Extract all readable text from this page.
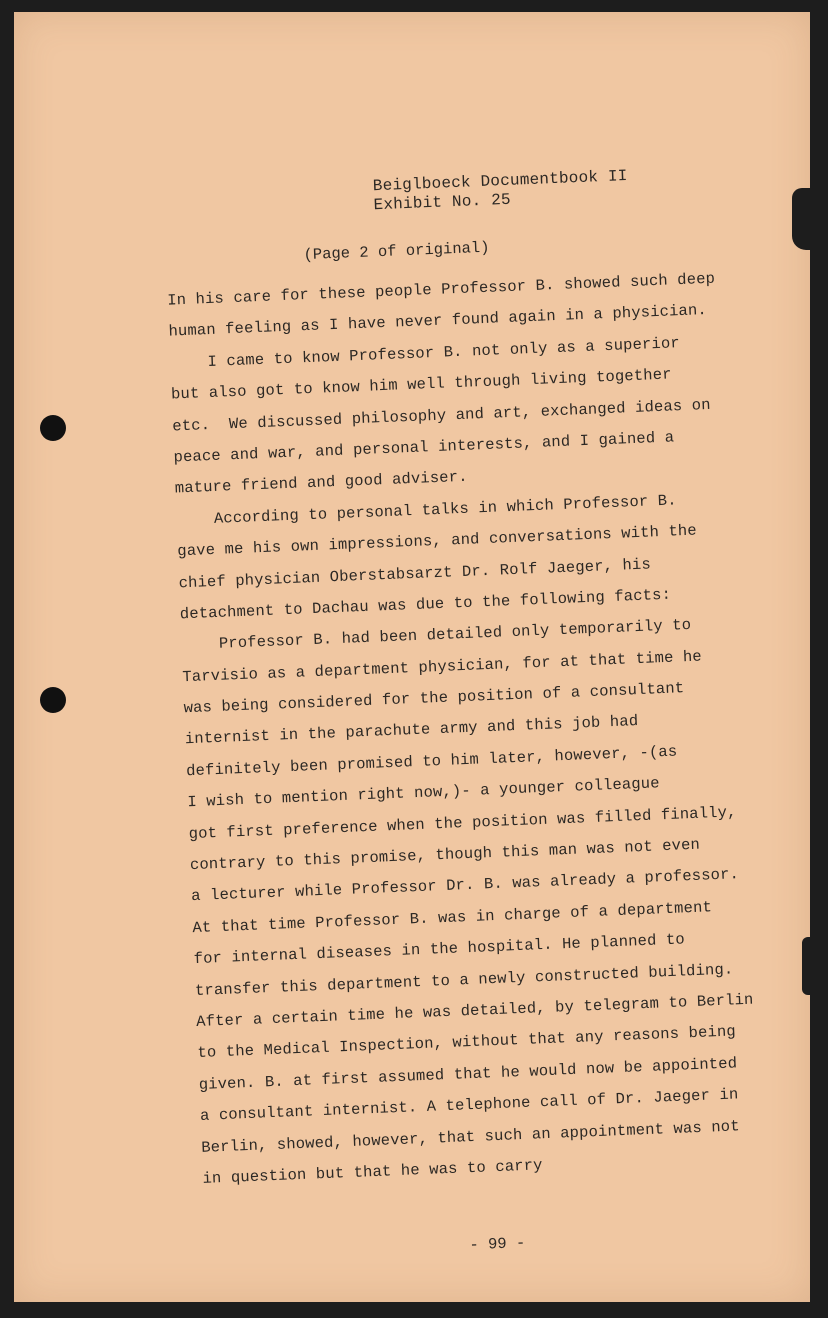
Beiglboeck Documentbook II
Exhibit No. 25
(Page 2 of original)
In his care for these people Professor B. showed such deep
human feeling as I have never found again in a physician.
I came to know Professor B. not only as a superior
but also got to know him well through living together
etc.  We discussed philosophy and art, exchanged ideas on
peace and war, and personal interests, and I gained a
mature friend and good adviser.
According to personal talks in which Professor B.
gave me his own impressions, and conversations with the
chief physician Oberstabsarzt Dr. Rolf Jaeger, his
detachment to Dachau was due to the following facts:
Professor B. had been detailed only temporarily to
Tarvisio as a department physician, for at that time he
was being considered for the position of a consultant
internist in the parachute army and this job had
definitely been promised to him later, however, -(as
I wish to mention right now,)- a younger colleague
got first preference when the position was filled finally,
contrary to this promise, though this man was not even
a lecturer while Professor Dr. B. was already a professor.
At that time Professor B. was in charge of a department
for internal diseases in the hospital. He planned to
transfer this department to a newly constructed building.
After a certain time he was detailed, by telegram to Berlin
to the Medical Inspection, without that any reasons being
given. B. at first assumed that he would now be appointed
a consultant internist. A telephone call of Dr. Jaeger in
Berlin, showed, however, that such an appointment was not
in question but that he was to carry
- 99 -
